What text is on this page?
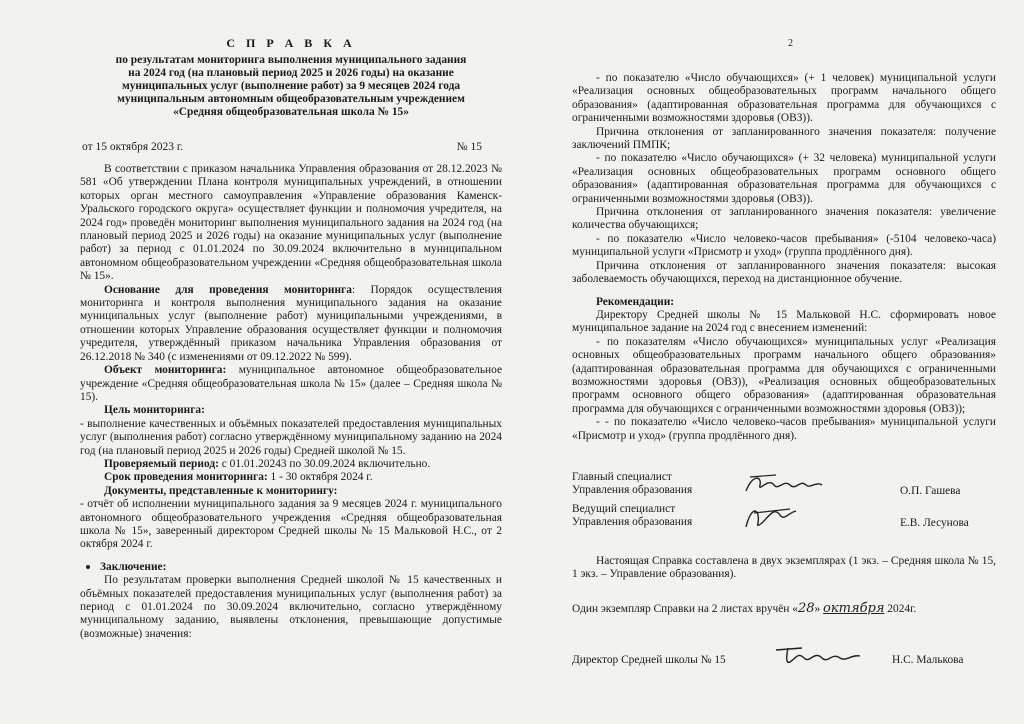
С П Р А В К А
по результатам мониторинга выполнения муниципального задания
на 2024 год (на плановый период 2025 и 2026 годы) на оказание
муниципальных услуг (выполнение работ) за 9 месяцев 2024 года
муниципальным автономным общеобразовательным учреждением
«Средняя общеобразовательная школа № 15»
от 15 октября 2023 г.	№ 15

В соответствии с приказом начальника Управления образования от 28.12.2023 № 581 «Об утверждении Плана контроля муниципальных учреждений, в отношении которых орган местного самоуправления «Управление образования Каменск-Уральского городского округа» осуществляет функции и полномочия учредителя, на 2024 год» проведён мониторинг выполнения муниципального задания на 2024 год (на плановый период 2025 и 2026 годы) на оказание муниципальных услуг (выполнение работ) за период с 01.01.2024 по 30.09.2024 включительно в муниципальном автономном общеобразовательном учреждении «Средняя общеобразовательная школа № 15».

Основание для проведения мониторинга: Порядок осуществления мониторинга и контроля выполнения муниципального задания на оказание муниципальных услуг (выполнение работ) муниципальными учреждениями, в отношении которых Управление образования осуществляет функции и полномочия учредителя, утверждённый приказом начальника Управления образования от 26.12.2018 № 340 (с изменениями от 09.12.2022 № 599).

Объект мониторинга: муниципальное автономное общеобразовательное учреждение «Средняя общеобразовательная школа № 15» (далее – Средняя школа № 15).

Цель мониторинга:

- выполнение качественных и объёмных показателей предоставления муниципальных услуг (выполнения работ) согласно утверждённому муниципальному заданию на 2024 год (на плановый период 2025 и 2026 годы) Средней школой № 15.

Проверяемый период: с 01.01.20243 по 30.09.2024 включительно.

Срок проведения мониторинга: 1 - 30 октября 2024 г.

Документы, представленные к мониторингу:

- отчёт об исполнении муниципального задания за 9 месяцев 2024 г. муниципального автономного общеобразовательного учреждения «Средняя общеобразовательная школа № 15», заверенный директором Средней школы № 15 Мальковой Н.С., от 2 октября 2024 г.

Заключение:

По результатам проверки выполнения Средней школой № 15 качественных и объёмных показателей предоставления муниципальных услуг (выполнения работ) за период с 01.01.2024 по 30.09.2024 включительно, согласно утверждённому муниципальному заданию, выявлены отклонения, превышающие допустимые (возможные) значения:

2

- по показателю «Число обучающихся» (+ 1 человек) муниципальной услуги «Реализация основных общеобразовательных программ начального общего образования» (адаптированная образовательная программа для обучающихся с ограниченными возможностями здоровья (ОВЗ)).

Причина отклонения от запланированного значения показателя: получение заключений ПМПК;

- по показателю «Число обучающихся» (+ 32 человека) муниципальной услуги «Реализация основных общеобразовательных программ основного общего образования» (адаптированная образовательная программа для обучающихся с ограниченными возможностями здоровья (ОВЗ)).

Причина отклонения от запланированного значения показателя: увеличение количества обучающихся;

- по показателю «Число человеко-часов пребывания» (-5104 человеко-часа) муниципальной услуги «Присмотр и уход» (группа продлённого дня).

Причина отклонения от запланированного значения показателя: высокая заболеваемость обучающихся, переход на дистанционное обучение.

Рекомендации:

Директору Средней школы № 15 Мальковой Н.С. сформировать новое муниципальное задание на 2024 год с внесением изменений:

- по показателям «Число обучающихся» муниципальных услуг «Реализация основных общеобразовательных программ начального общего образования» (адаптированная образовательная программа для обучающихся с ограниченными возможностями здоровья (ОВЗ)), «Реализация основных общеобразовательных программ основного общего образования» (адаптированная образовательная программа для обучающихся с ограниченными возможностями здоровья (ОВЗ));

- - по показателю «Число человеко-часов пребывания» муниципальной услуги «Присмотр и уход» (группа продлённого дня).

Главный специалист
Управления образования	О.П. Гашева
Ведущий специалист
Управления образования	Е.В. Лесунова

Настоящая Справка составлена в двух экземплярах (1 экз. – Средняя школа № 15, 1 экз. – Управление образования).

Один экземпляр Справки на 2 листах вручён «28» октября 2024г.

Директор Средней школы № 15	Н.С. Малькова
